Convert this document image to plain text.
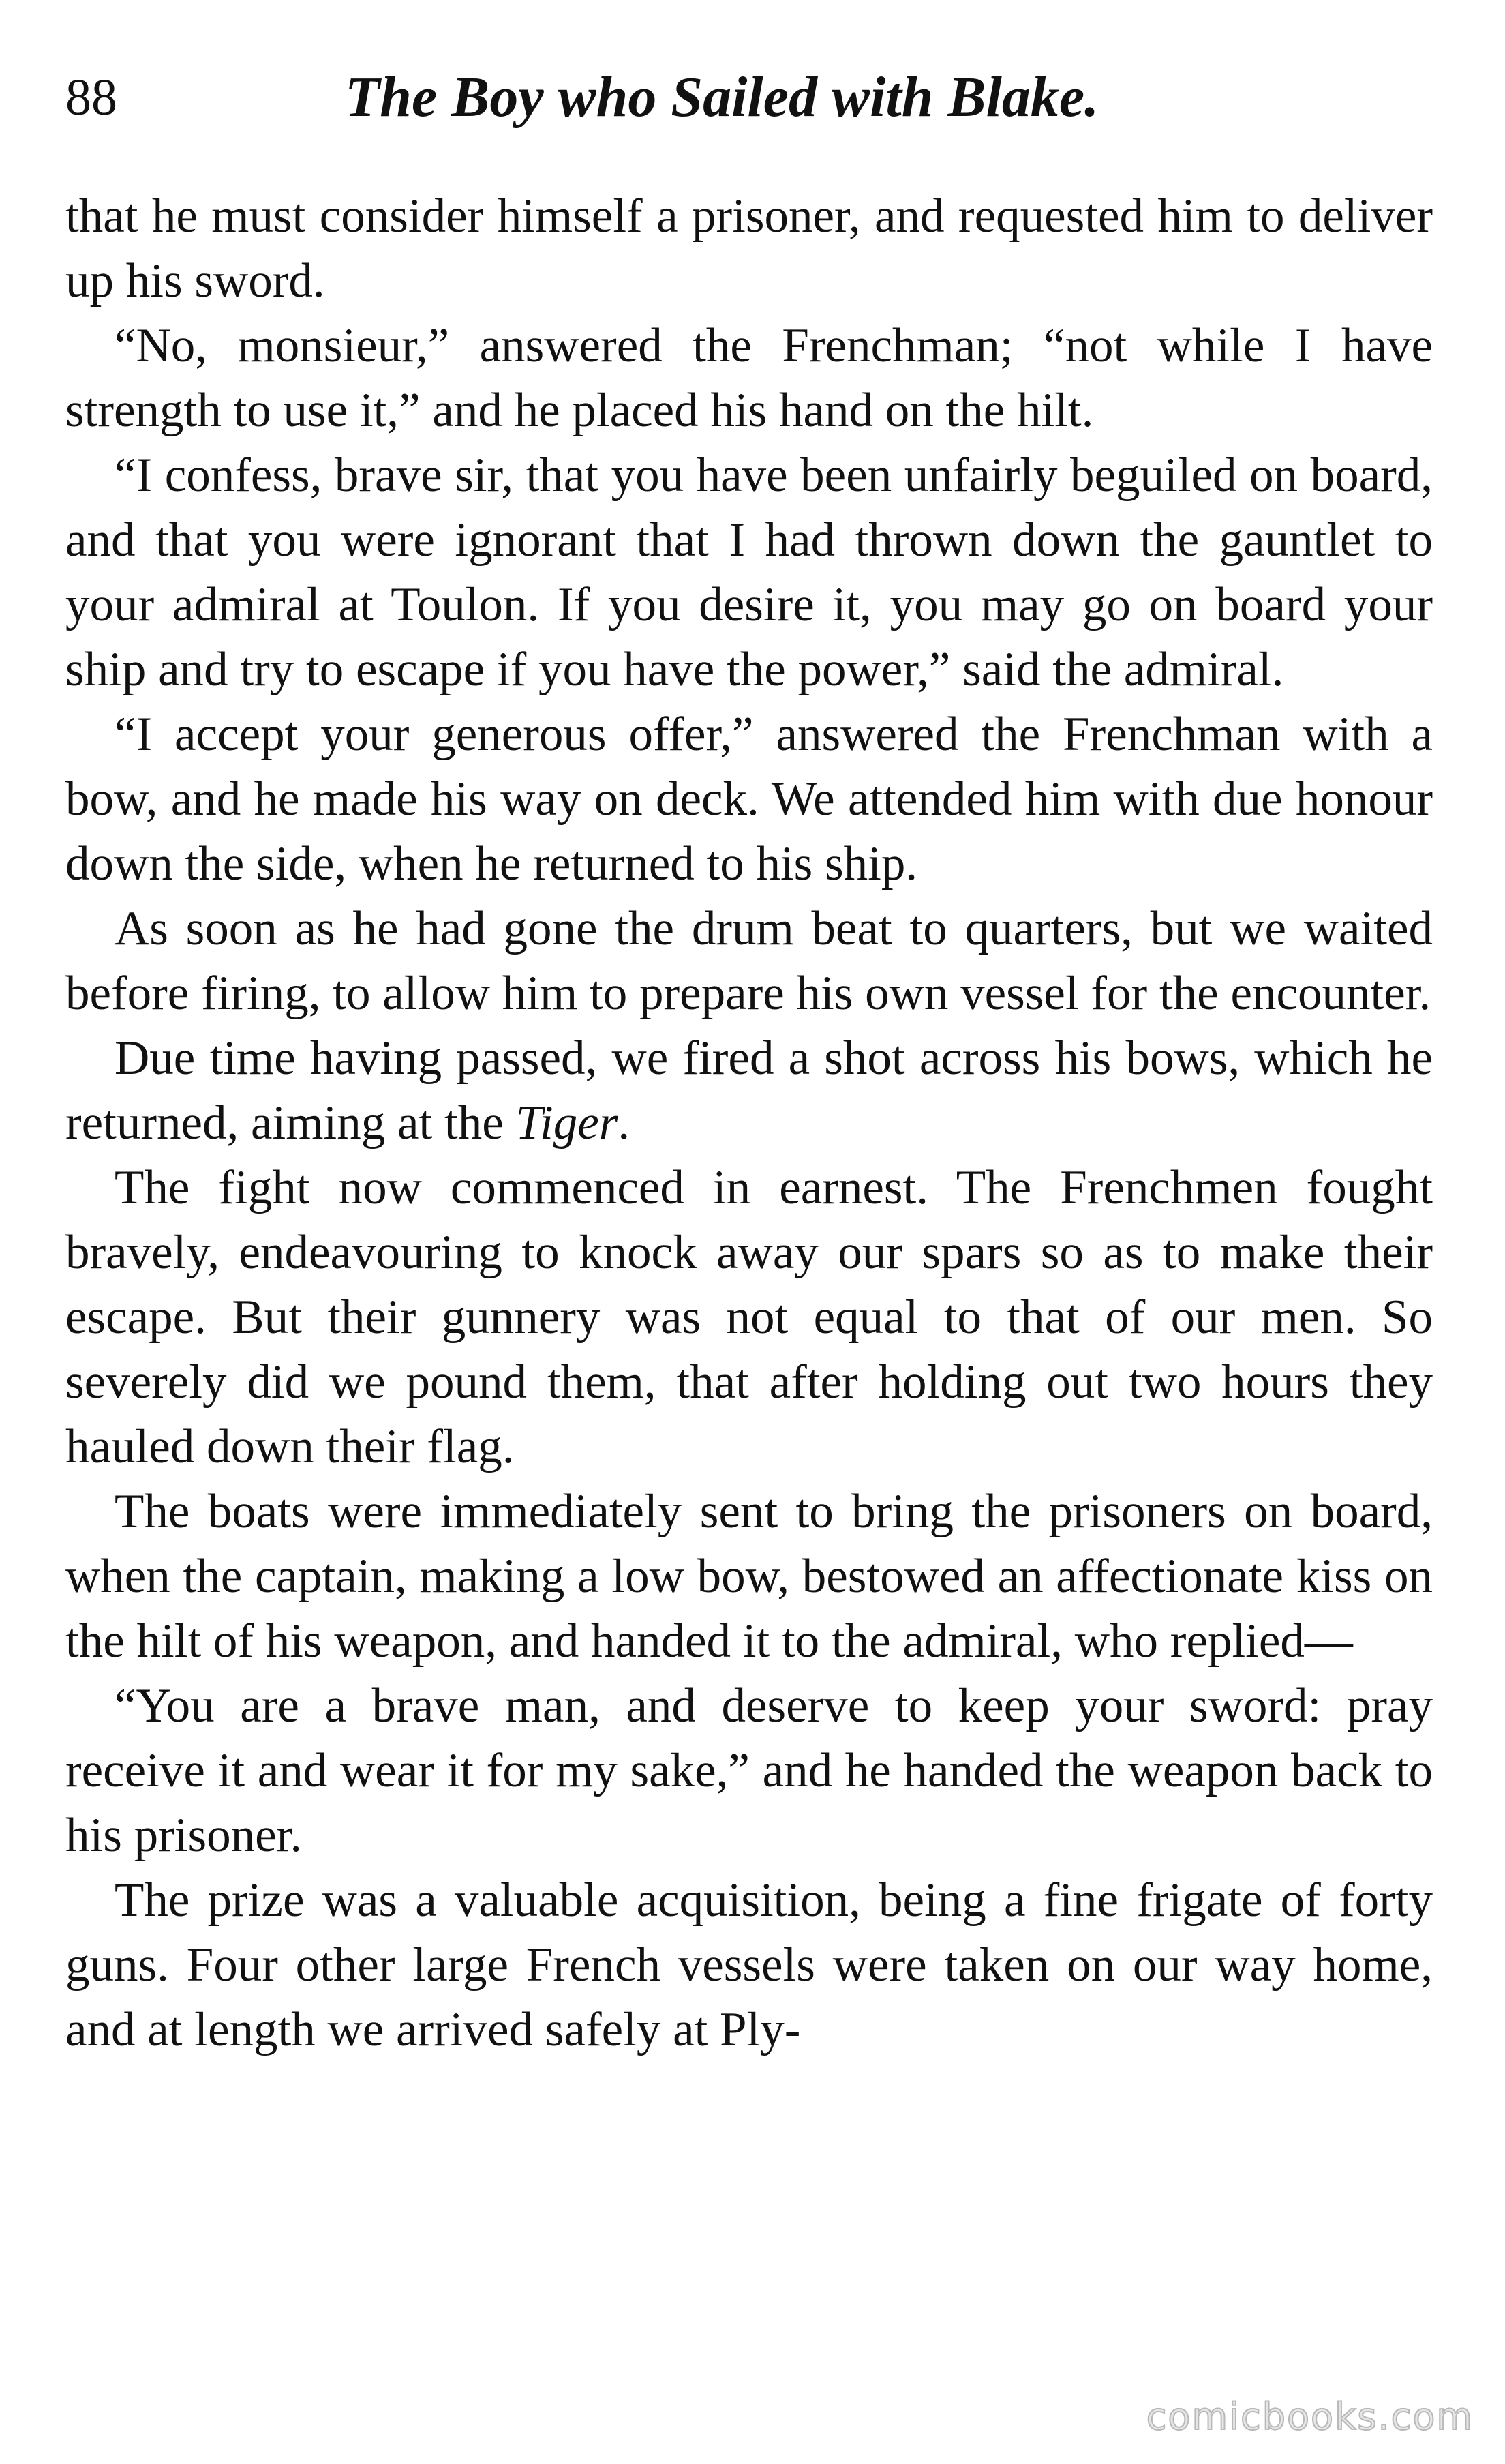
88	The Boy who Sailed with Blake.

that he must consider himself a prisoner, and requested him to deliver up his sword.

“No, monsieur,” answered the Frenchman; “not while I have strength to use it,” and he placed his hand on the hilt.

“I confess, brave sir, that you have been unfairly beguiled on board, and that you were ignorant that I had thrown down the gauntlet to your admiral at Toulon. If you desire it, you may go on board your ship and try to escape if you have the power,” said the admiral.

“I accept your generous offer,” answered the Frenchman with a bow, and he made his way on deck. We attended him with due honour down the side, when he returned to his ship.

As soon as he had gone the drum beat to quarters, but we waited before firing, to allow him to prepare his own vessel for the encounter.

Due time having passed, we fired a shot across his bows, which he returned, aiming at the Tiger.

The fight now commenced in earnest. The Frenchmen fought bravely, endeavouring to knock away our spars so as to make their escape. But their gunnery was not equal to that of our men. So severely did we pound them, that after holding out two hours they hauled down their flag.

The boats were immediately sent to bring the prisoners on board, when the captain, making a low bow, bestowed an affectionate kiss on the hilt of his weapon, and handed it to the admiral, who replied—

“You are a brave man, and deserve to keep your sword: pray receive it and wear it for my sake,” and he handed the weapon back to his prisoner.

The prize was a valuable acquisition, being a fine frigate of forty guns. Four other large French vessels were taken on our way home, and at length we arrived safely at Ply-

comicbooks.com
